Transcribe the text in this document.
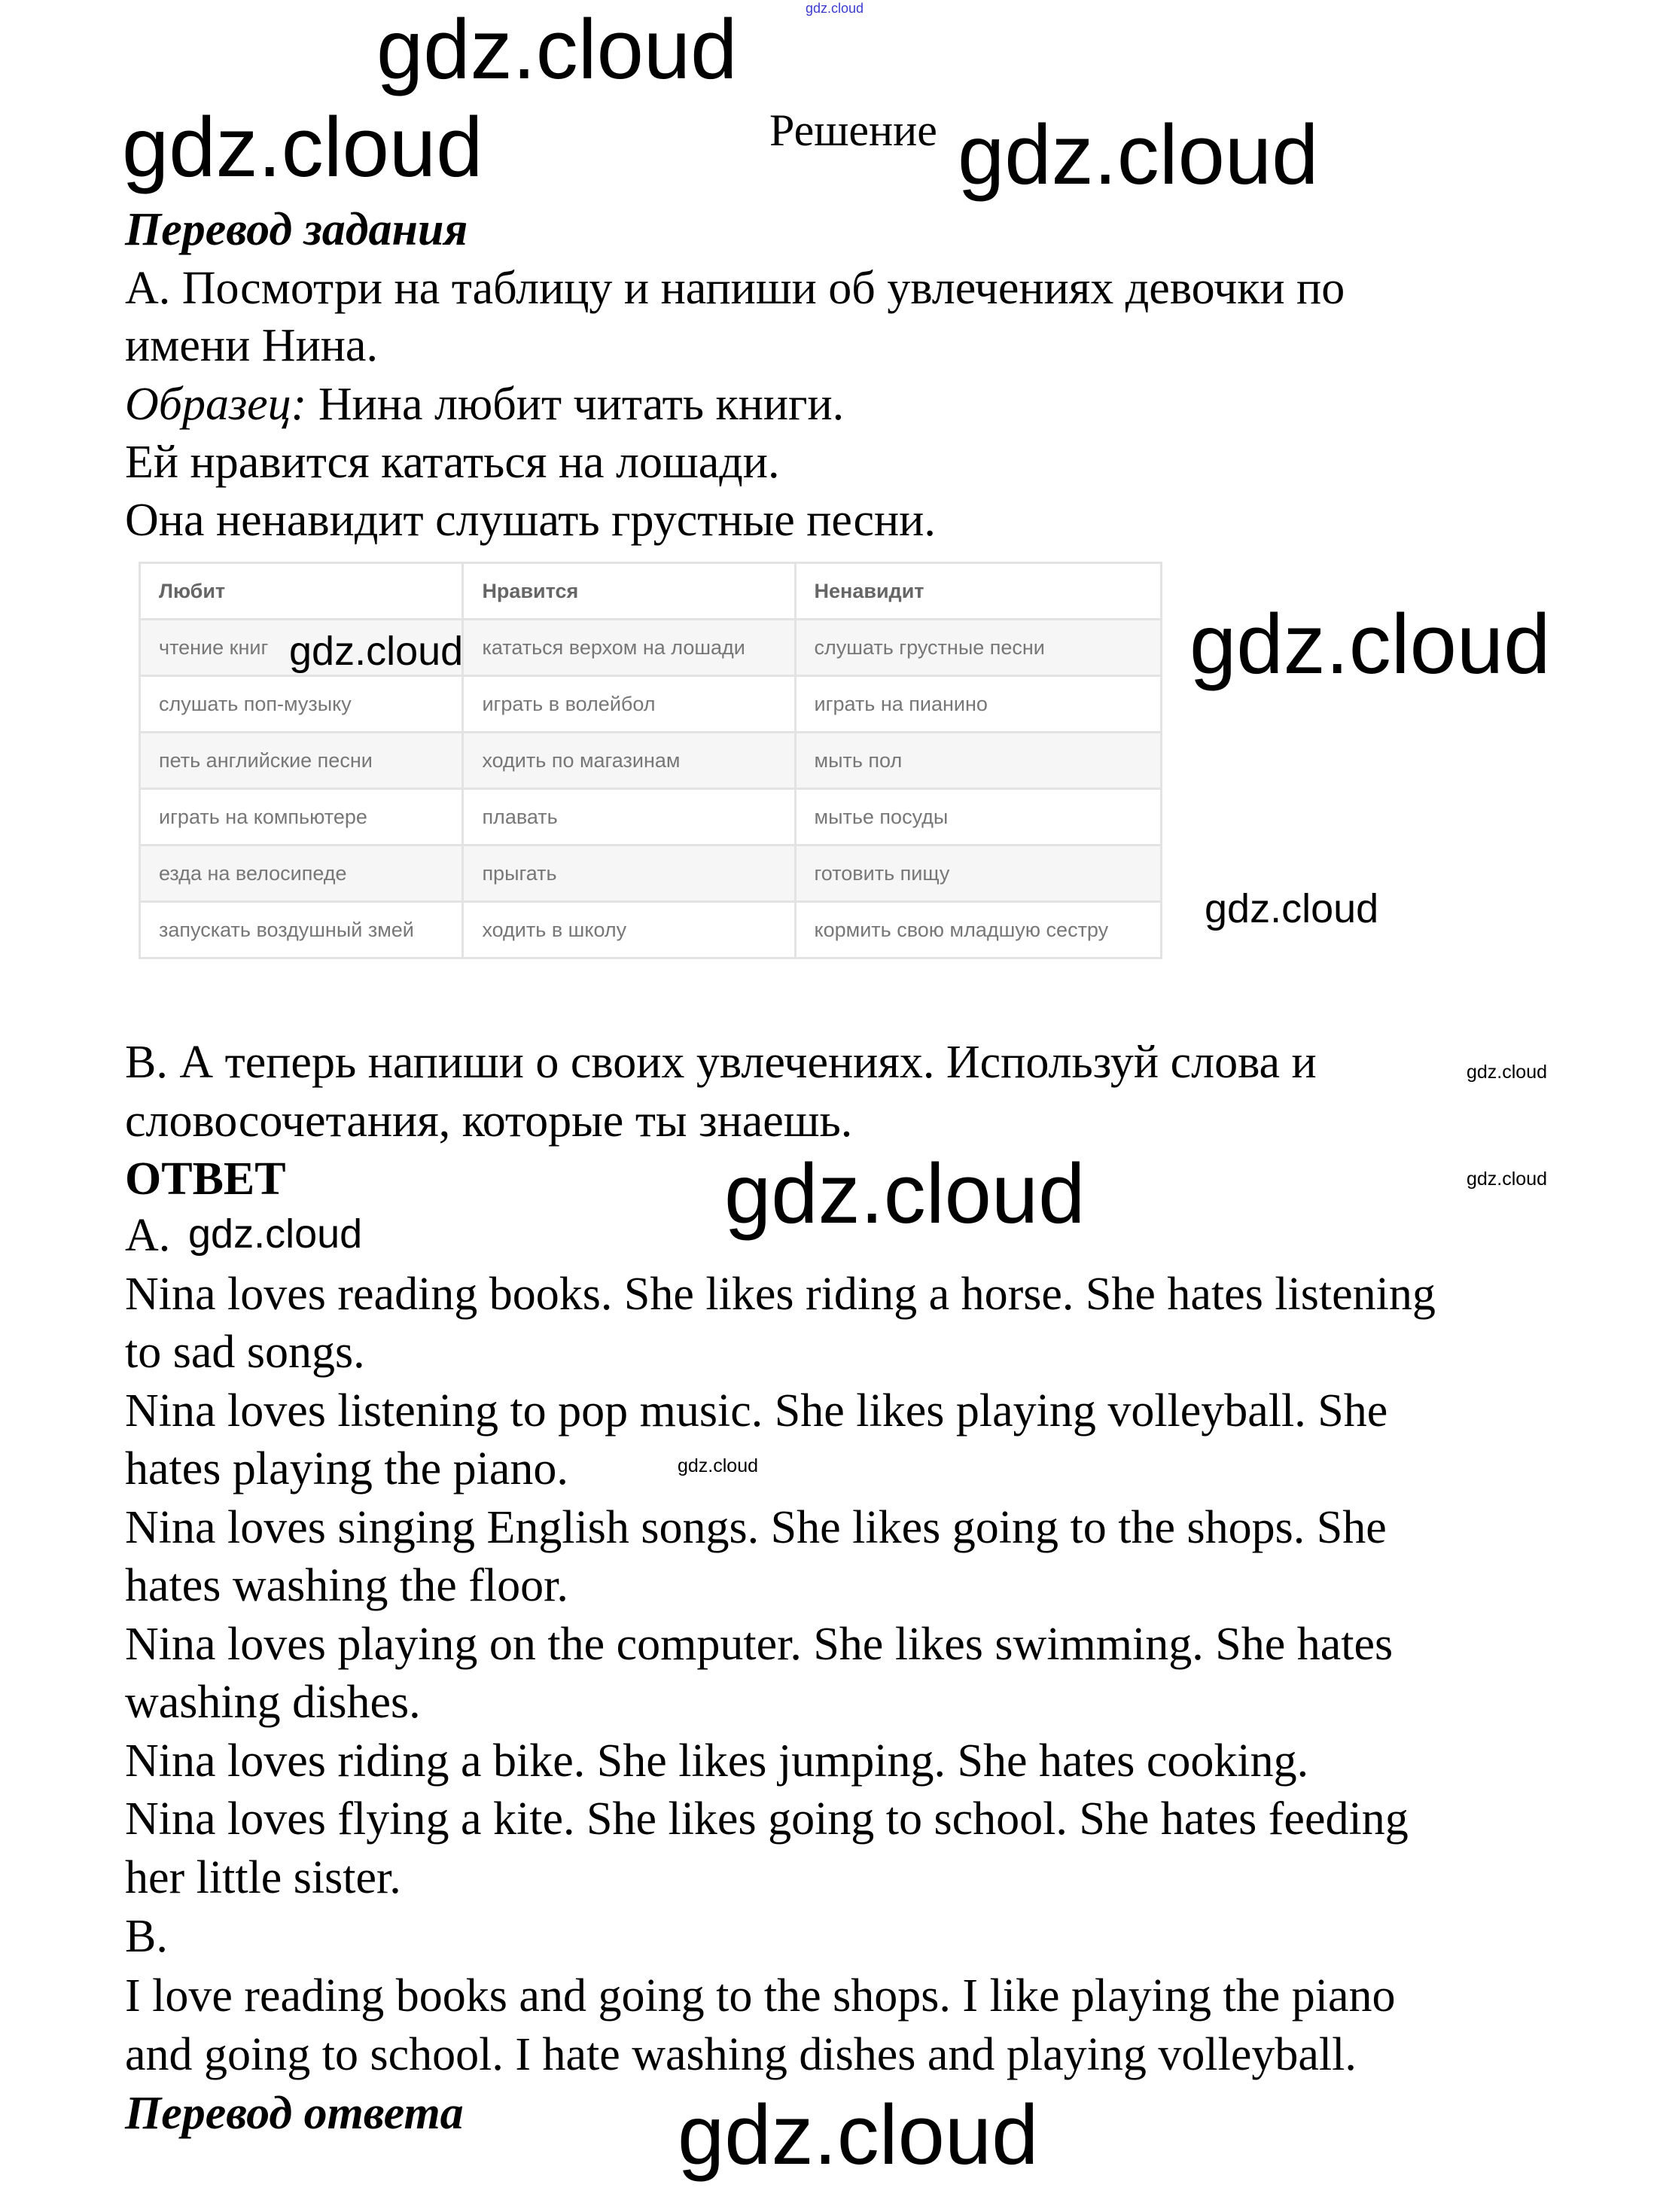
gdz.cloud
Решение
Перевод задания
А. Посмотри на таблицу и напиши об увлечениях девочки по
имени Нина.
Образец: Нина любит читать книги.
Ей нравится кататься на лошади.
Она ненавидит слушать грустные песни.
Любит	Нравится	Ненавидит
чтение книг	кататься верхом на лошади	слушать грустные песни
слушать поп-музыку	играть в волейбол	играть на пианино
петь английские песни	ходить по магазинам	мыть пол
играть на компьютере	плавать	мытье посуды
езда на велосипеде	прыгать	готовить пищу
запускать воздушный змей	ходить в школу	кормить свою младшую сестру
В. А теперь напиши о своих увлечениях. Используй слова и
словосочетания, которые ты знаешь.
ОТВЕТ
A.
Nina loves reading books. She likes riding a horse. She hates listening
to sad songs.
Nina loves listening to pop music. She likes playing volleyball. She
hates playing the piano.
Nina loves singing English songs. She likes going to the shops. She
hates washing the floor.
Nina loves playing on the computer. She likes swimming. She hates
washing dishes.
Nina loves riding a bike. She likes jumping. She hates cooking.
Nina loves flying a kite. She likes going to school. She hates feeding
her little sister.
B.
I love reading books and going to the shops. I like playing the piano
and going to school. I hate washing dishes and playing volleyball.
Перевод ответа
gdz.cloud	gdz.cloud
gdz.cloud
gdz.cloud
gdz.cloud
gdz.cloud
gdz.cloud
gdz.cloud
gdz.cloud
gdz.cloud
gdz.cloud
gdz.cloud
